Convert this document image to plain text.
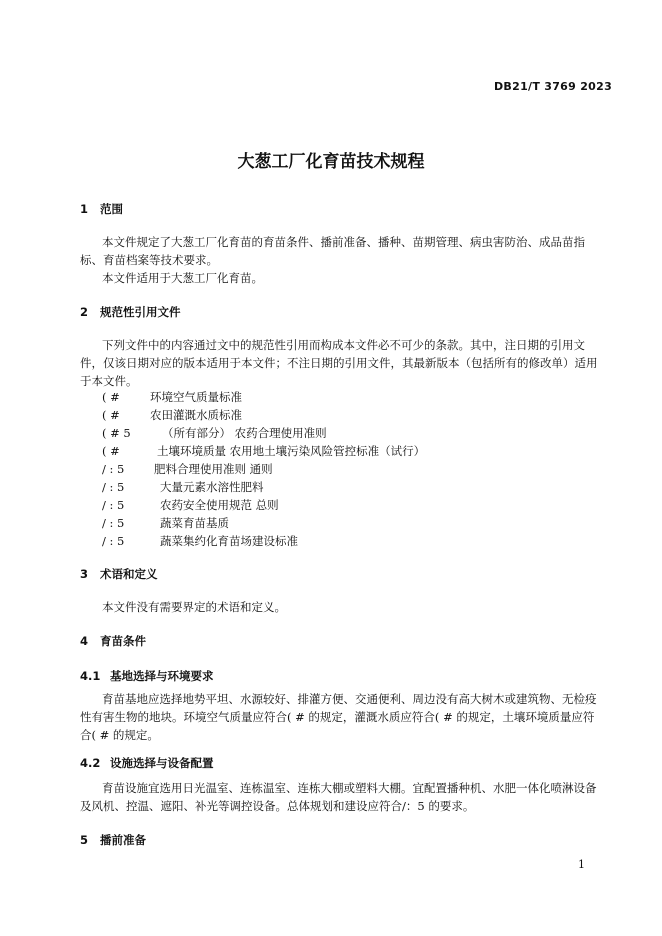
DB21/T 3769 2023
大葱工厂化育苗技术规程
1 范围
本文件规定了大葱工厂化育苗的育苗条件、播前准备、播种、苗期管理、病虫害防治、成品苗指标、育苗档案等技术要求。
本文件适用于大葱工厂化育苗。
2 规范性引用文件
下列文件中的内容通过文中的规范性引用而构成本文件必不可少的条款。其中，注日期的引用文件，仅该日期对应的版本适用于本文件；不注日期的引用文件，其最新版本（包括所有的修改单）适用于本文件。
( #	环境空气质量标准
( #	农田灌溉水质标准
( # 5	（所有部分） 农药合理使用准则
( #	土壤环境质量 农用地土壤污染风险管控标准（试行）
/ : 5	肥料合理使用准则 通则
/ : 5	大量元素水溶性肥料
/ : 5	农药安全使用规范 总则
/ : 5	蔬菜育苗基质
/ : 5	蔬菜集约化育苗场建设标准
3 术语和定义
本文件没有需要界定的术语和定义。
4 育苗条件
4.1 基地选择与环境要求
育苗基地应选择地势平坦、水源较好、排灌方便、交通便利、周边没有高大树木或建筑物、无检疫性有害生物的地块。环境空气质量应符合( # 的规定，灌溉水质应符合( # 的规定，土壤环境质量应符合( # 的规定。
4.2 设施选择与设备配置
育苗设施宜选用日光温室、连栋温室、连栋大棚或塑料大棚。宜配置播种机、水肥一体化喷淋设备及风机、控温、遮阳、补光等调控设备。总体规划和建设应符合/：5 的要求。
5 播前准备
1
